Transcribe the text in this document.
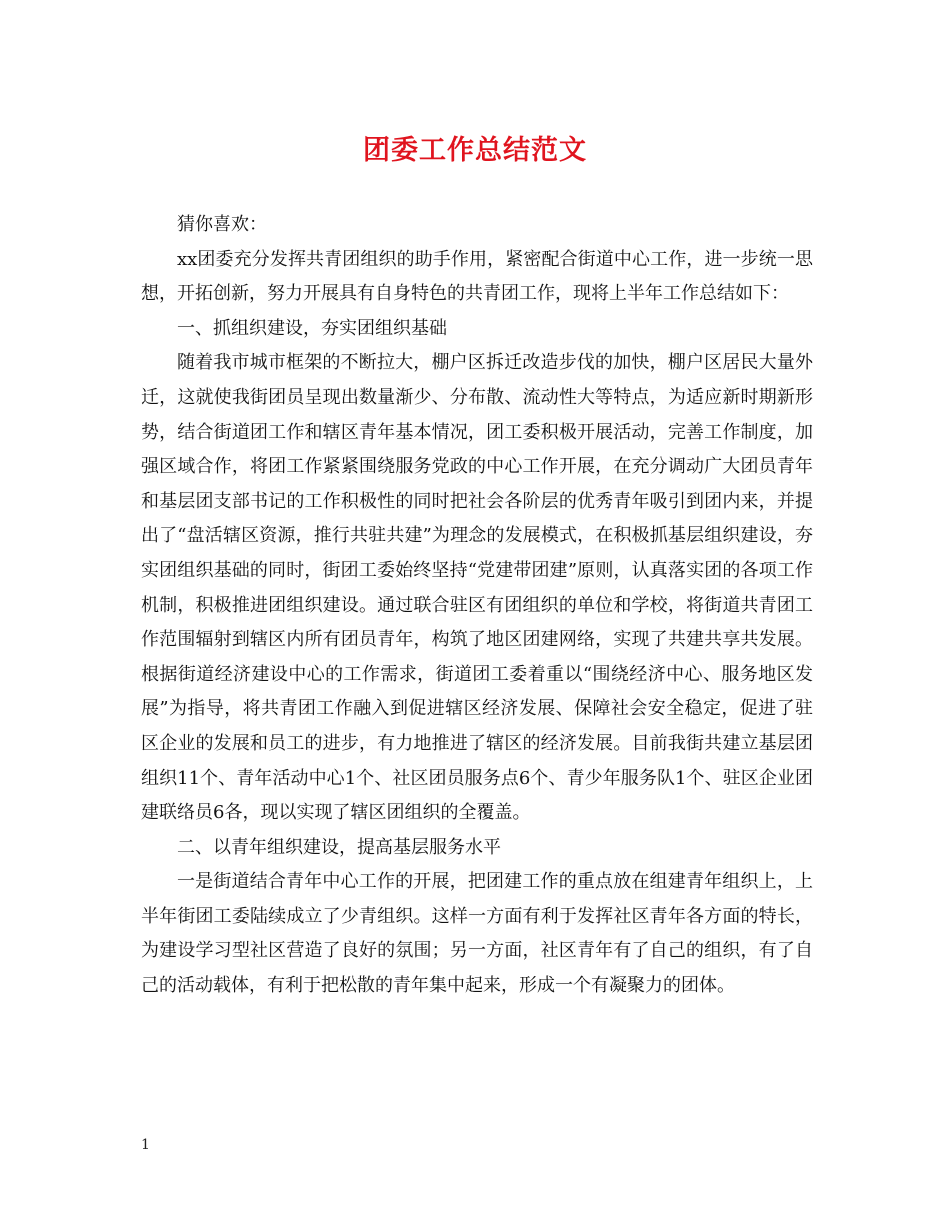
团委工作总结范文

猜你喜欢：

xx团委充分发挥共青团组织的助手作用，紧密配合街道中心工作，进一步统一思想，开拓创新，努力开展具有自身特色的共青团工作，现将上半年工作总结如下：

一、抓组织建设，夯实团组织基础

随着我市城市框架的不断拉大，棚户区拆迁改造步伐的加快，棚户区居民大量外迁，这就使我街团员呈现出数量渐少、分布散、流动性大等特点，为适应新时期新形势，结合街道团工作和辖区青年基本情况，团工委积极开展活动，完善工作制度，加强区域合作，将团工作紧紧围绕服务党政的中心工作开展，在充分调动广大团员青年和基层团支部书记的工作积极性的同时把社会各阶层的优秀青年吸引到团内来，并提出了“盘活辖区资源，推行共驻共建”为理念的发展模式，在积极抓基层组织建设，夯实团组织基础的同时，街团工委始终坚持“党建带团建”原则，认真落实团的各项工作机制，积极推进团组织建设。通过联合驻区有团组织的单位和学校，将街道共青团工作范围辐射到辖区内所有团员青年，构筑了地区团建网络，实现了共建共享共发展。根据街道经济建设中心的工作需求，街道团工委着重以“围绕经济中心、服务地区发展”为指导，将共青团工作融入到促进辖区经济发展、保障社会安全稳定，促进了驻区企业的发展和员工的进步，有力地推进了辖区的经济发展。目前我街共建立基层团组织11个、青年活动中心1个、社区团员服务点6个、青少年服务队1个、驻区企业团建联络员6各，现以实现了辖区团组织的全覆盖。

二、以青年组织建设，提高基层服务水平

一是街道结合青年中心工作的开展，把团建工作的重点放在组建青年组织上，上半年街团工委陆续成立了少青组织。这样一方面有利于发挥社区青年各方面的特长，为建设学习型社区营造了良好的氛围；另一方面，社区青年有了自己的组织，有了自己的活动载体，有利于把松散的青年集中起来，形成一个有凝聚力的团体。

1
